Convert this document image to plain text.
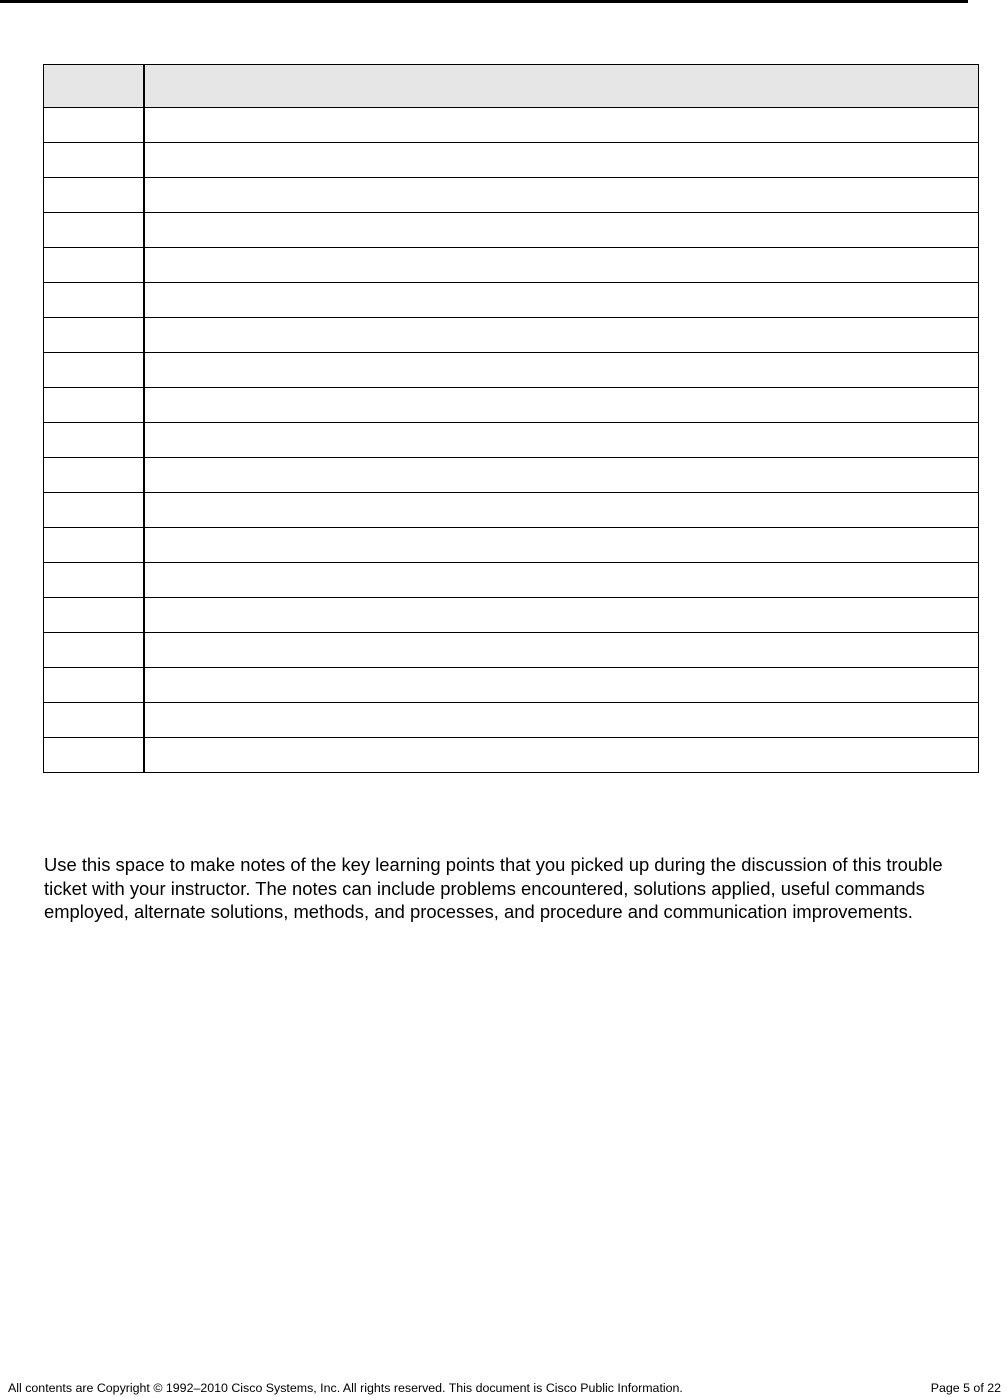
Use this space to make notes of the key learning points that you picked up during the discussion of this trouble ticket with your instructor. The notes can include problems encountered, solutions applied, useful commands employed, alternate solutions, methods, and processes, and procedure and communication improvements.

All contents are Copyright © 1992–2010 Cisco Systems, Inc. All rights reserved. This document is Cisco Public Information.	Page 5 of 22
